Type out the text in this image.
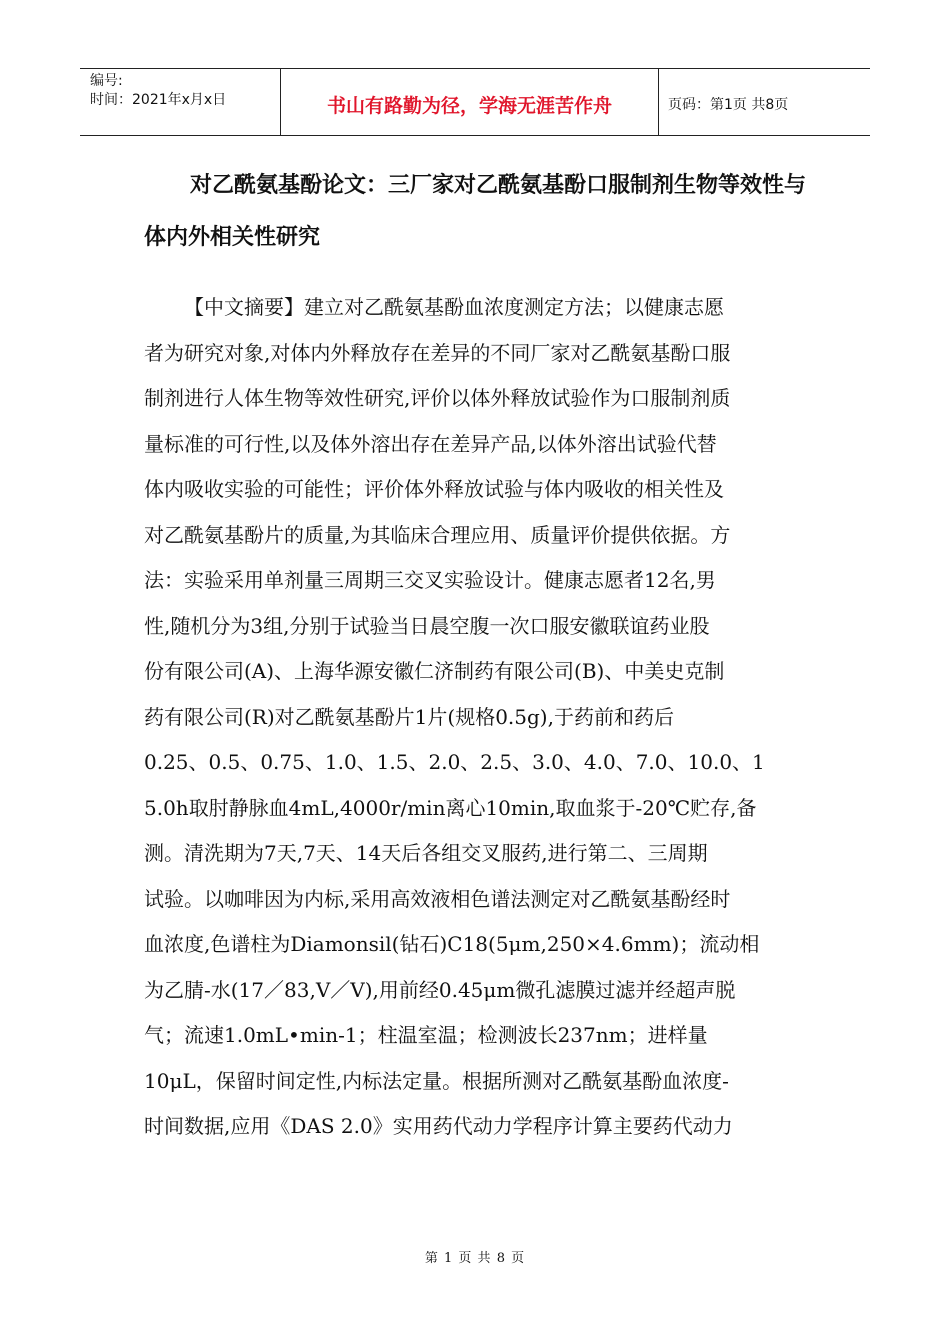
编号:
时间：2021年x月x日	书山有路勤为径，学海无涯苦作舟	页码：第1页 共8页
对乙酰氨基酚论文：三厂家对乙酰氨基酚口服制剂生物等效性与体内外相关性研究
【中文摘要】建立对乙酰氨基酚血浓度测定方法；以健康志愿
者为研究对象,对体内外释放存在差异的不同厂家对乙酰氨基酚口服
制剂进行人体生物等效性研究,评价以体外释放试验作为口服制剂质
量标准的可行性,以及体外溶出存在差异产品,以体外溶出试验代替
体内吸收实验的可能性；评价体外释放试验与体内吸收的相关性及
对乙酰氨基酚片的质量,为其临床合理应用、质量评价提供依据。方
法：实验采用单剂量三周期三交叉实验设计。健康志愿者12名,男
性,随机分为3组,分别于试验当日晨空腹一次口服安徽联谊药业股
份有限公司(A)、上海华源安徽仁济制药有限公司(B)、中美史克制
药有限公司(R)对乙酰氨基酚片1片(规格0.5g),于药前和药后
0.25、0.5、0.75、1.0、1.5、2.0、2.5、3.0、4.0、7.0、10.0、1
5.0h取肘静脉血4mL,4000r/min离心10min,取血浆于-20℃贮存,备
测。清洗期为7天,7天、14天后各组交叉服药,进行第二、三周期
试验。以咖啡因为内标,采用高效液相色谱法测定对乙酰氨基酚经时
血浓度,色谱柱为Diamonsil(钻石)C18(5μm,250×4.6mm)；流动相
为乙腈-水(17／83,V／V),用前经0.45μm微孔滤膜过滤并经超声脱
气；流速1.0mL•min-1；柱温室温；检测波长237nm；进样量
10μL，保留时间定性,内标法定量。根据所测对乙酰氨基酚血浓度-
时间数据,应用《DAS 2.0》实用药代动力学程序计算主要药代动力
第 1 页 共 8 页
